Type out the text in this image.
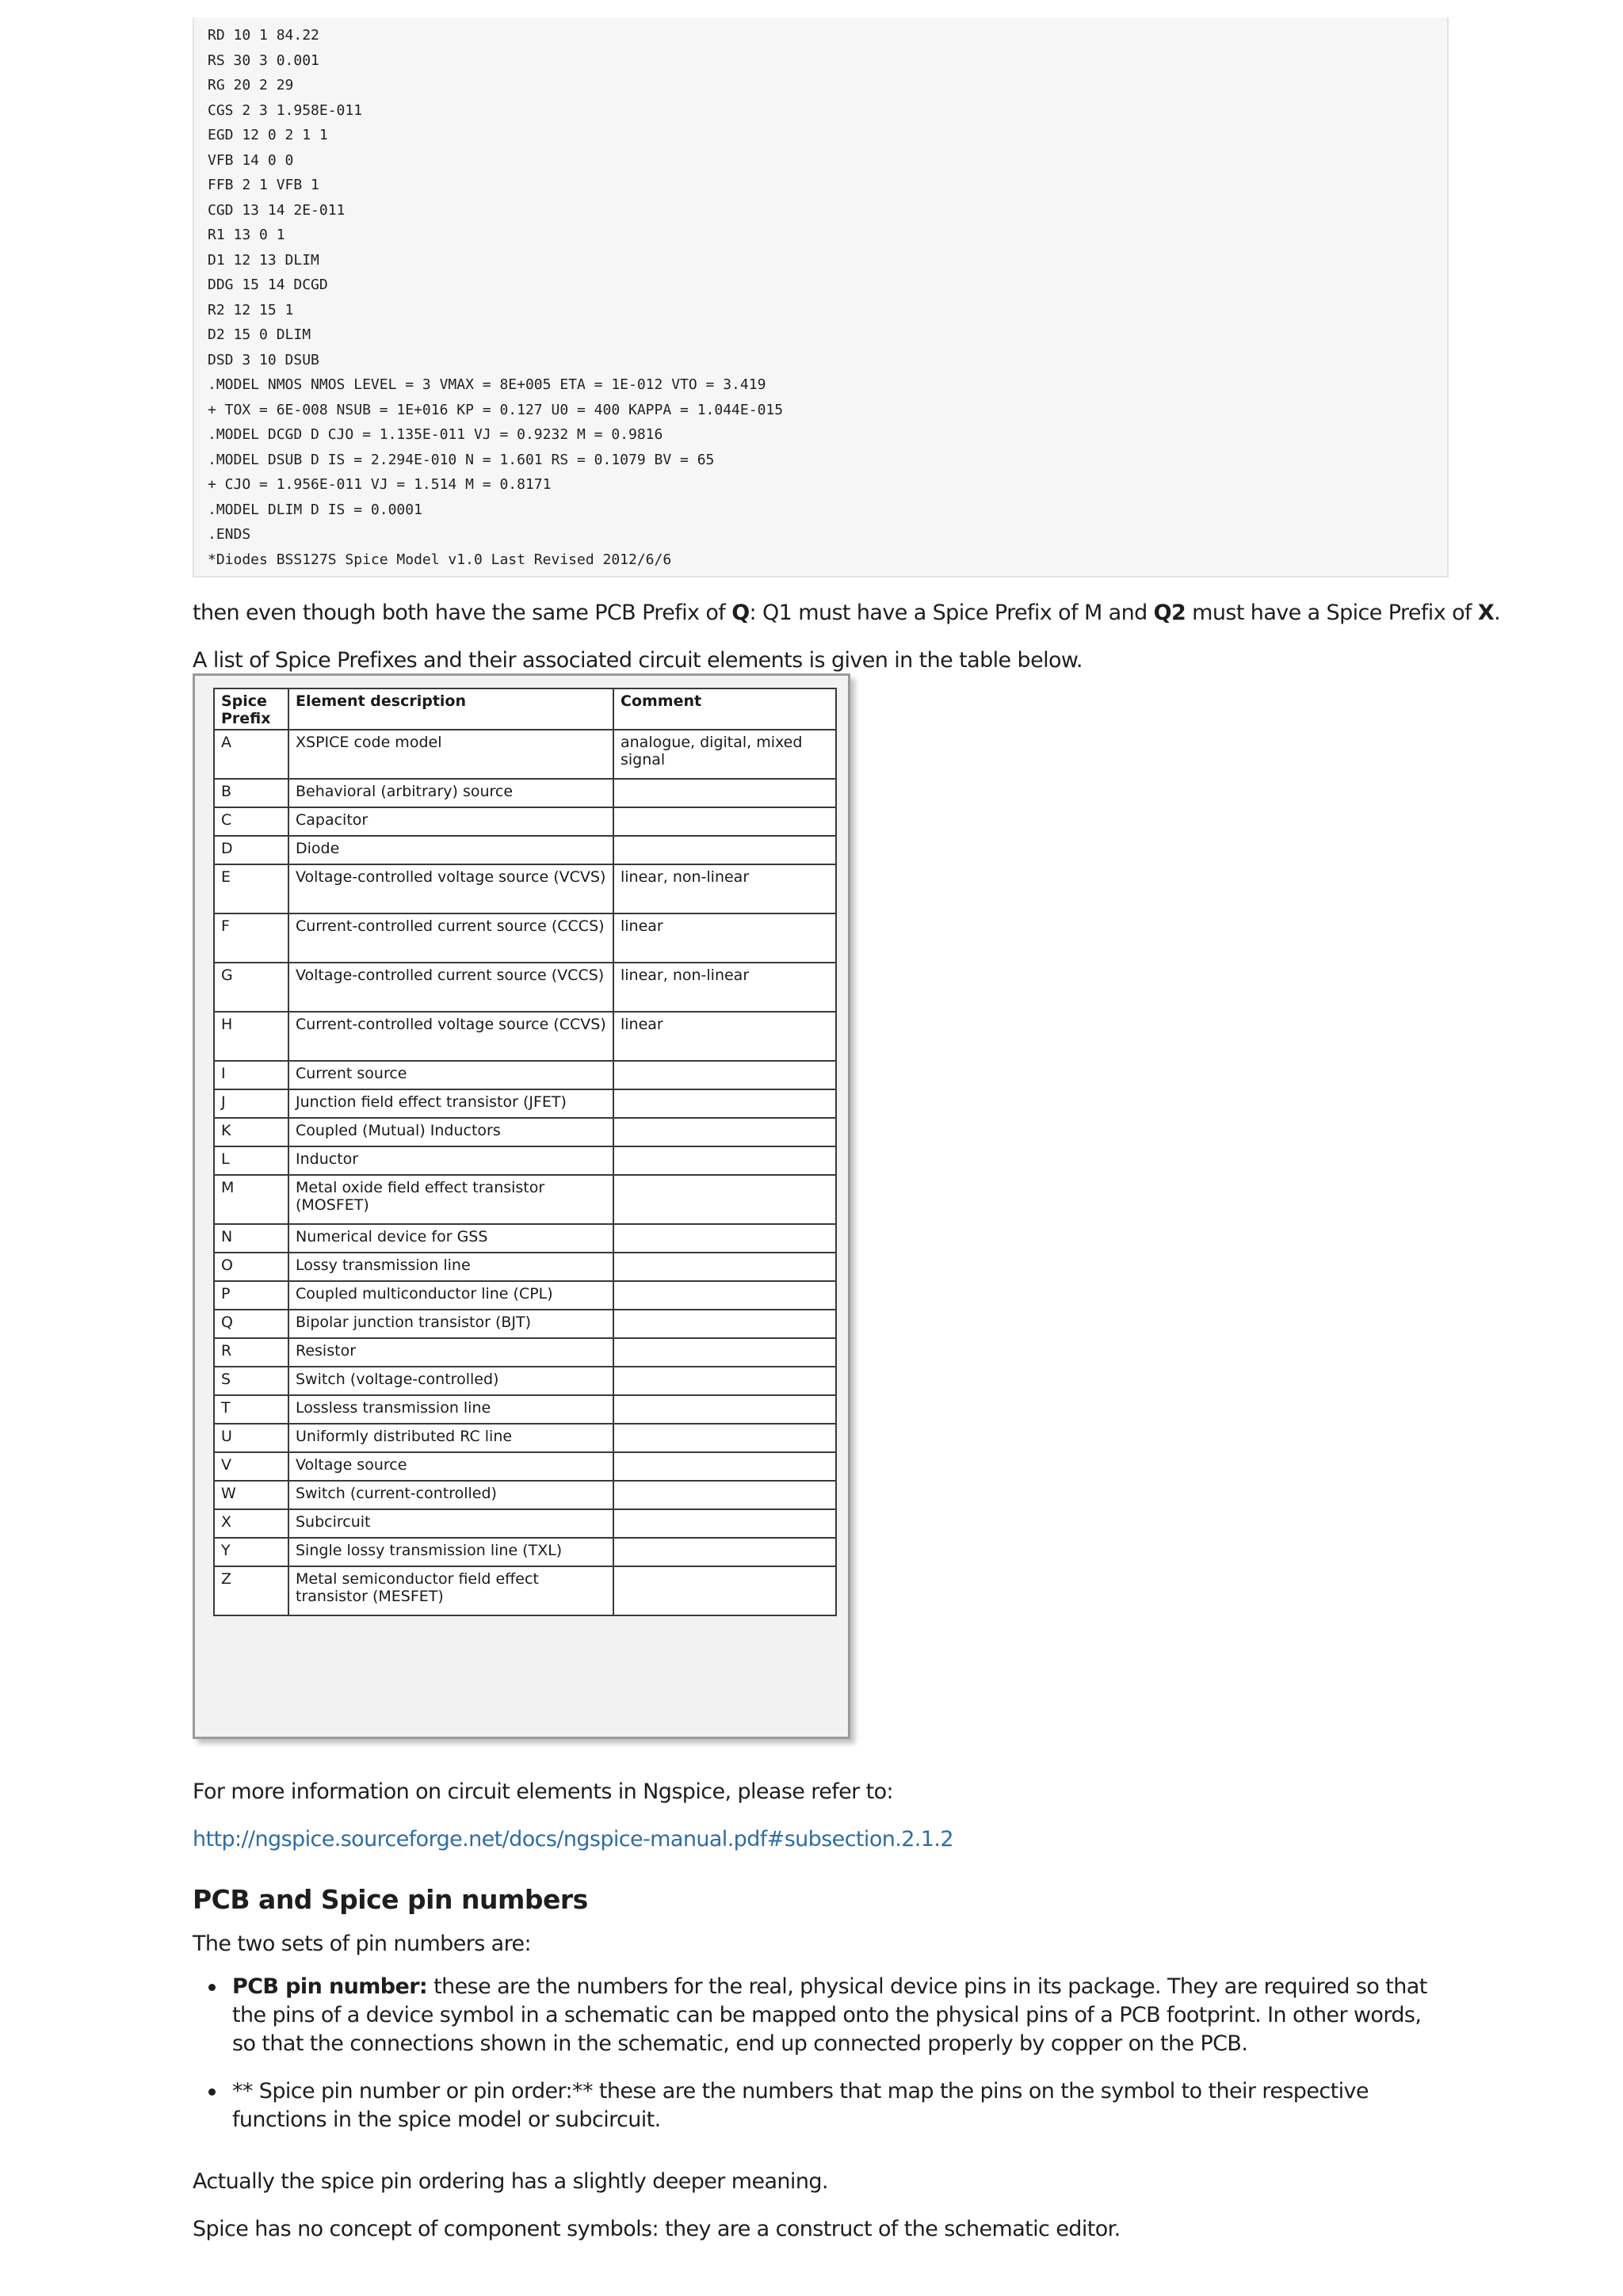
RD 10 1 84.22
RS 30 3 0.001
RG 20 2 29
CGS 2 3 1.958E-011
EGD 12 0 2 1 1
VFB 14 0 0
FFB 2 1 VFB 1
CGD 13 14 2E-011
R1 13 0 1
D1 12 13 DLIM
DDG 15 14 DCGD
R2 12 15 1
D2 15 0 DLIM
DSD 3 10 DSUB
.MODEL NMOS NMOS LEVEL = 3 VMAX = 8E+005 ETA = 1E-012 VTO = 3.419
+ TOX = 6E-008 NSUB = 1E+016 KP = 0.127 U0 = 400 KAPPA = 1.044E-015
.MODEL DCGD D CJO = 1.135E-011 VJ = 0.9232 M = 0.9816
.MODEL DSUB D IS = 2.294E-010 N = 1.601 RS = 0.1079 BV = 65
+ CJO = 1.956E-011 VJ = 1.514 M = 0.8171
.MODEL DLIM D IS = 0.0001
.ENDS
*Diodes BSS127S Spice Model v1.0 Last Revised 2012/6/6
then even though both have the same PCB Prefix of Q: Q1 must have a Spice Prefix of M and Q2 must have a Spice Prefix of X.
A list of Spice Prefixes and their associated circuit elements is given in the table below.
Spice Prefix	Element description	Comment
A	XSPICE code model	analogue, digital, mixed signal
B	Behavioral (arbitrary) source	
C	Capacitor	
D	Diode	
E	Voltage-controlled voltage source (VCVS)	linear, non-linear
F	Current-controlled current source (CCCS)	linear
G	Voltage-controlled current source (VCCS)	linear, non-linear
H	Current-controlled voltage source (CCVS)	linear
I	Current source	
J	Junction field effect transistor (JFET)	
K	Coupled (Mutual) Inductors	
L	Inductor	
M	Metal oxide field effect transistor (MOSFET)	
N	Numerical device for GSS	
O	Lossy transmission line	
P	Coupled multiconductor line (CPL)	
Q	Bipolar junction transistor (BJT)	
R	Resistor	
S	Switch (voltage-controlled)	
T	Lossless transmission line	
U	Uniformly distributed RC line	
V	Voltage source	
W	Switch (current-controlled)	
X	Subcircuit	
Y	Single lossy transmission line (TXL)	
Z	Metal semiconductor field effect transistor (MESFET)	
For more information on circuit elements in Ngspice, please refer to:
http://ngspice.sourceforge.net/docs/ngspice-manual.pdf#subsection.2.1.2
PCB and Spice pin numbers
The two sets of pin numbers are:
PCB pin number: these are the numbers for the real, physical device pins in its package. They are required so that the pins of a device symbol in a schematic can be mapped onto the physical pins of a PCB footprint. In other words, so that the connections shown in the schematic, end up connected properly by copper on the PCB.
** Spice pin number or pin order:** these are the numbers that map the pins on the symbol to their respective functions in the spice model or subcircuit.
Actually the spice pin ordering has a slightly deeper meaning.
Spice has no concept of component symbols: they are a construct of the schematic editor.
